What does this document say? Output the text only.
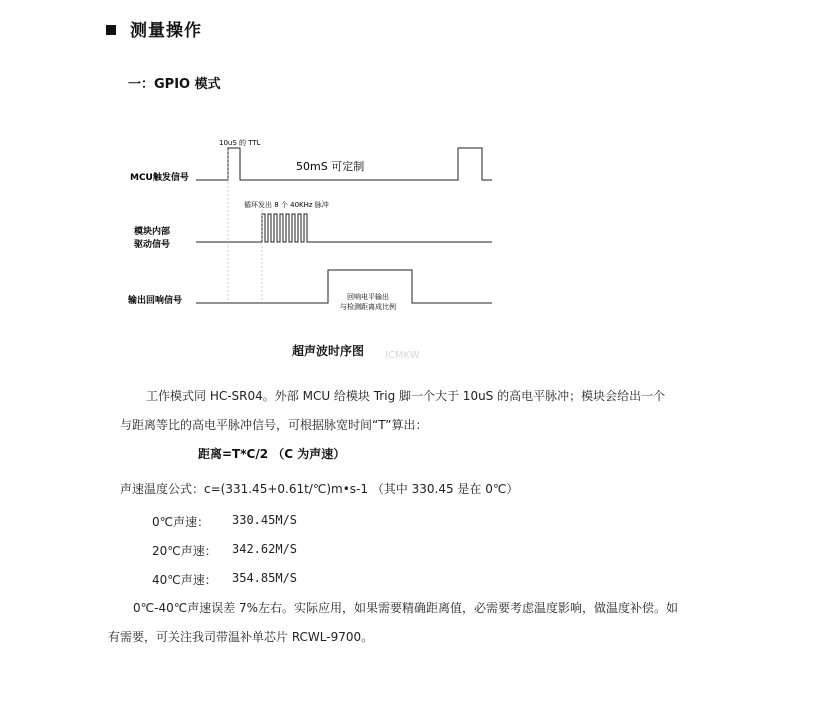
测量操作
一：GPIO 模式
MCU触发信号
模块内部
驱动信号
输出回响信号
10uS 的 TTL
50mS 可定制
循环发出 8 个 40KHz 脉冲
回响电平输出
与检测距离成比例
超声波时序图 ICMKW
工作模式同 HC-SR04。外部 MCU 给模块 Trig 脚一个大于 10uS 的高电平脉冲；模块会给出一个
与距离等比的高电平脉冲信号，可根据脉宽时间“T”算出：
距离=T*C/2 （C 为声速）
声速温度公式：c=(331.45+0.61t/℃)m•s-1 （其中 330.45 是在 0℃）
0℃声速： 330.45M/S
20℃声速： 342.62M/S
40℃声速： 354.85M/S
0℃-40℃声速误差 7%左右。实际应用，如果需要精确距离值，必需要考虑温度影响，做温度补偿。如
有需要，可关注我司带温补单芯片 RCWL-9700。
